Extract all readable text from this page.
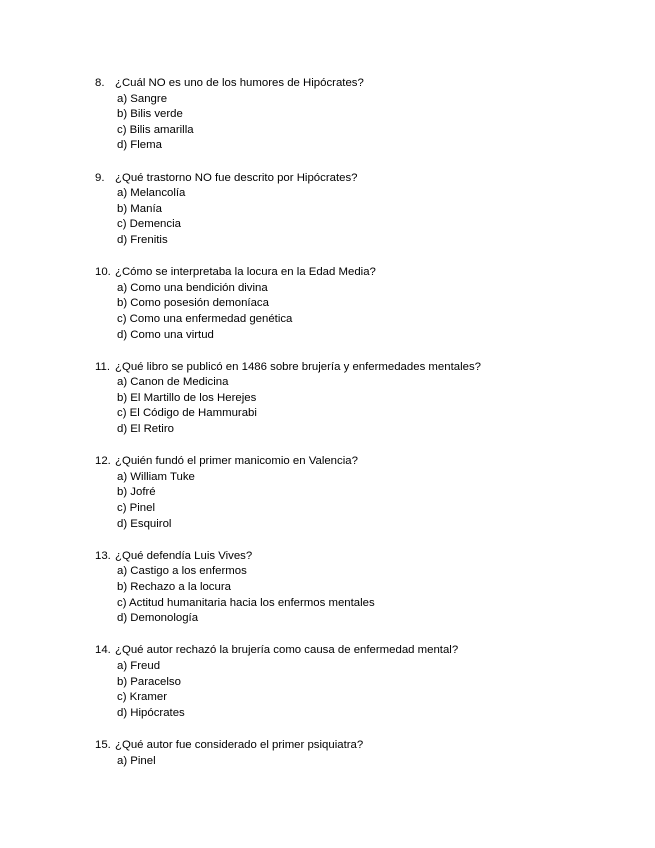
8. ¿Cuál NO es uno de los humores de Hipócrates?
a) Sangre
b) Bilis verde
c) Bilis amarilla
d) Flema
9. ¿Qué trastorno NO fue descrito por Hipócrates?
a) Melancolía
b) Manía
c) Demencia
d) Frenitis
10. ¿Cómo se interpretaba la locura en la Edad Media?
a) Como una bendición divina
b) Como posesión demoníaca
c) Como una enfermedad genética
d) Como una virtud
11. ¿Qué libro se publicó en 1486 sobre brujería y enfermedades mentales?
a) Canon de Medicina
b) El Martillo de los Herejes
c) El Código de Hammurabi
d) El Retiro
12. ¿Quién fundó el primer manicomio en Valencia?
a) William Tuke
b) Jofré
c) Pinel
d) Esquirol
13. ¿Qué defendía Luis Vives?
a) Castigo a los enfermos
b) Rechazo a la locura
c) Actitud humanitaria hacia los enfermos mentales
d) Demonología
14. ¿Qué autor rechazó la brujería como causa de enfermedad mental?
a) Freud
b) Paracelso
c) Kramer
d) Hipócrates
15. ¿Qué autor fue considerado el primer psiquiatra?
a) Pinel
